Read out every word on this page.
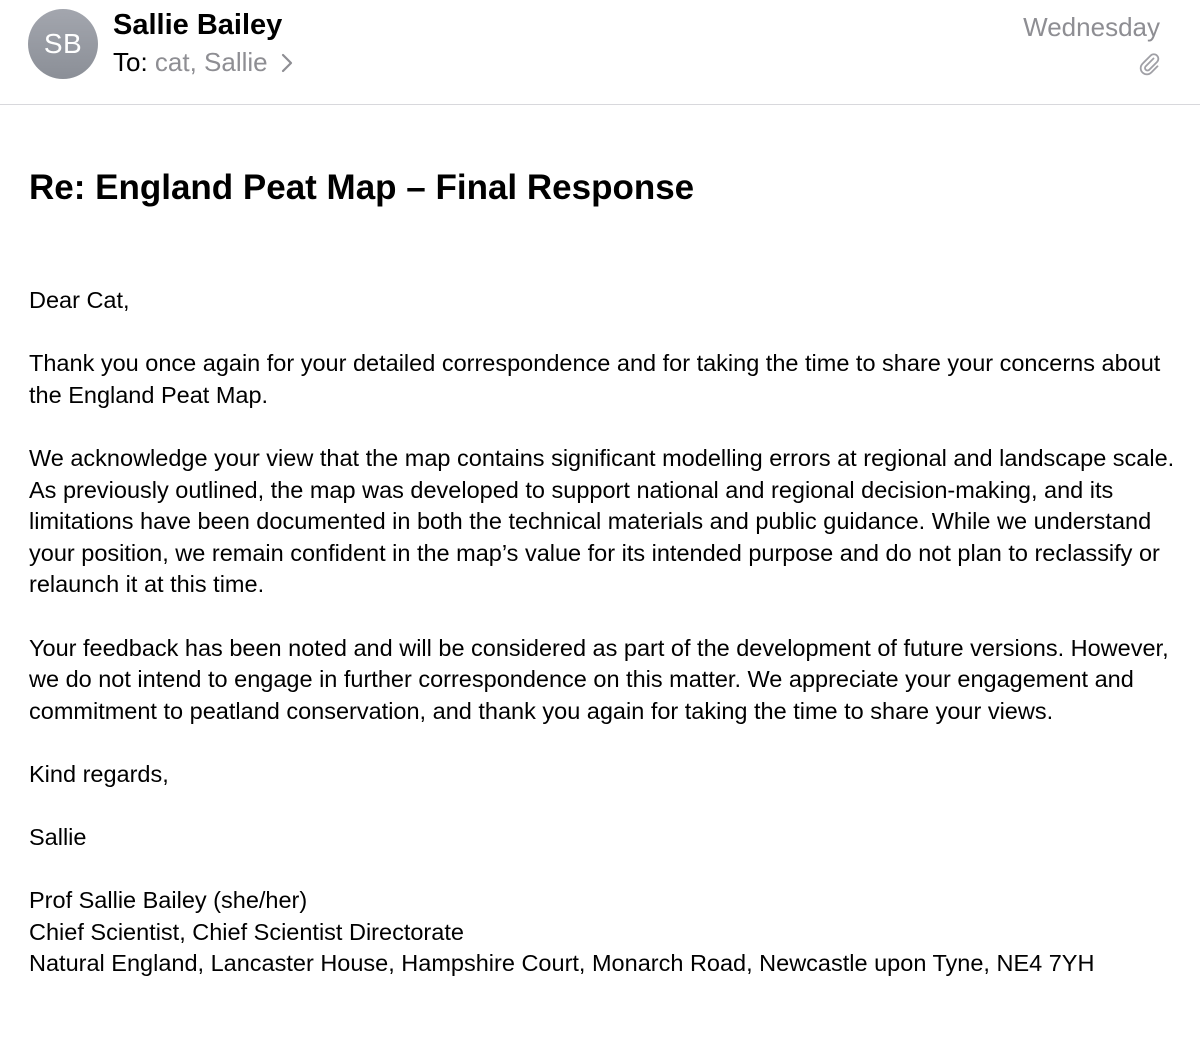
SB
Sallie Bailey
To: cat, Sallie
Wednesday
Re: England Peat Map – Final Response

Dear Cat,

Thank you once again for your detailed correspondence and for taking the time to share your concerns about the England Peat Map.

We acknowledge your view that the map contains significant modelling errors at regional and landscape scale. As previously outlined, the map was developed to support national and regional decision-making, and its limitations have been documented in both the technical materials and public guidance. While we understand your position, we remain confident in the map’s value for its intended purpose and do not plan to reclassify or relaunch it at this time.

Your feedback has been noted and will be considered as part of the development of future versions. However, we do not intend to engage in further correspondence on this matter. We appreciate your engagement and commitment to peatland conservation, and thank you again for taking the time to share your views.

Kind regards,

Sallie

Prof Sallie Bailey (she/her)
Chief Scientist, Chief Scientist Directorate
Natural England, Lancaster House, Hampshire Court, Monarch Road, Newcastle upon Tyne, NE4 7YH
